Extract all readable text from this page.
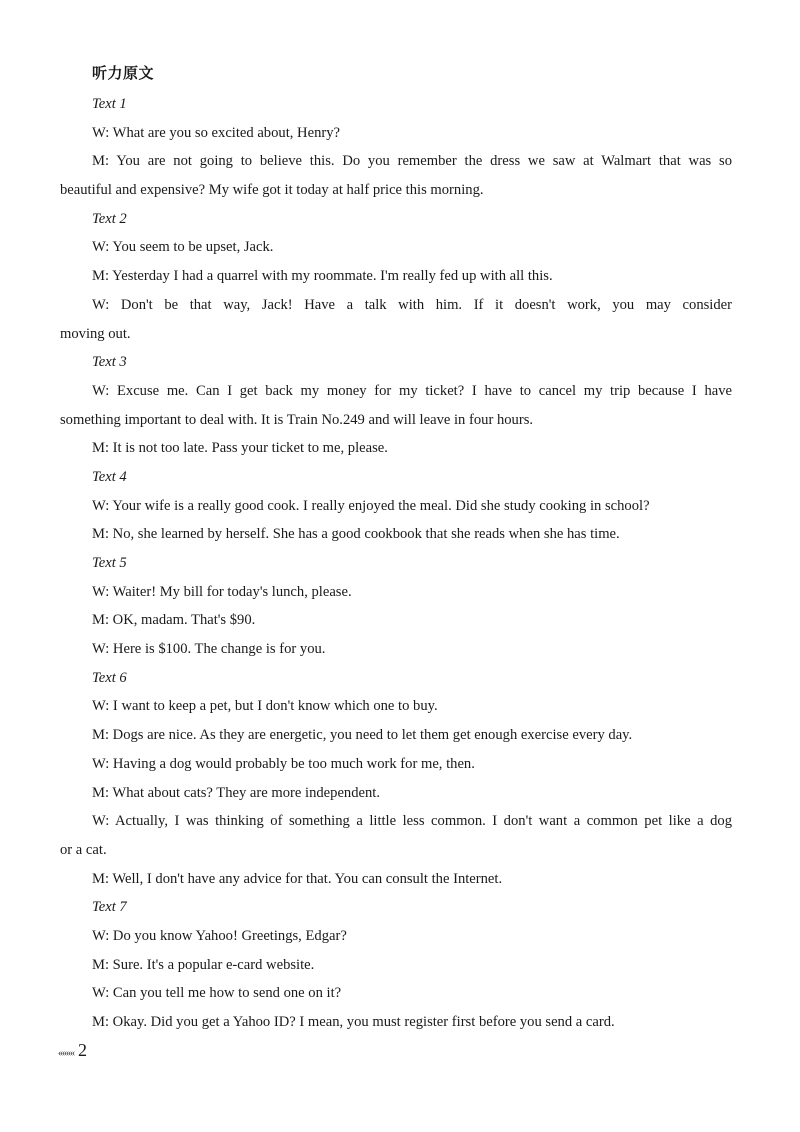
听力原文
Text 1
W: What are you so excited about, Henry?
M: You are not going to believe this. Do you remember the dress we saw at Walmart that was so
beautiful and expensive? My wife got it today at half price this morning.
Text 2
W: You seem to be upset, Jack.
M: Yesterday I had a quarrel with my roommate. I'm really fed up with all this.
W: Don't be that way, Jack! Have a talk with him. If it doesn't work, you may consider
moving out.
Text 3
W: Excuse me. Can I get back my money for my ticket? I have to cancel my trip because I have
something important to deal with. It is Train No.249 and will leave in four hours.
M: It is not too late. Pass your ticket to me, please.
Text 4
W: Your wife is a really good cook. I really enjoyed the meal. Did she study cooking in school?
M: No, she learned by herself. She has a good cookbook that she reads when she has time.
Text 5
W: Waiter! My bill for today's lunch, please.
M: OK, madam. That's $90.
W: Here is $100. The change is for you.
Text 6
W: I want to keep a pet, but I don't know which one to buy.
M: Dogs are nice. As they are energetic, you need to let them get enough exercise every day.
W: Having a dog would probably be too much work for me, then.
M: What about cats? They are more independent.
W: Actually, I was thinking of something a little less common. I don't want a common pet like a dog
or a cat.
M: Well, I don't have any advice for that. You can consult the Internet.
Text 7
W: Do you know Yahoo! Greetings, Edgar?
M: Sure. It's a popular e-card website.
W: Can you tell me how to send one on it?
M: Okay. Did you get a Yahoo ID? I mean, you must register first before you send a card.
«««« 2
